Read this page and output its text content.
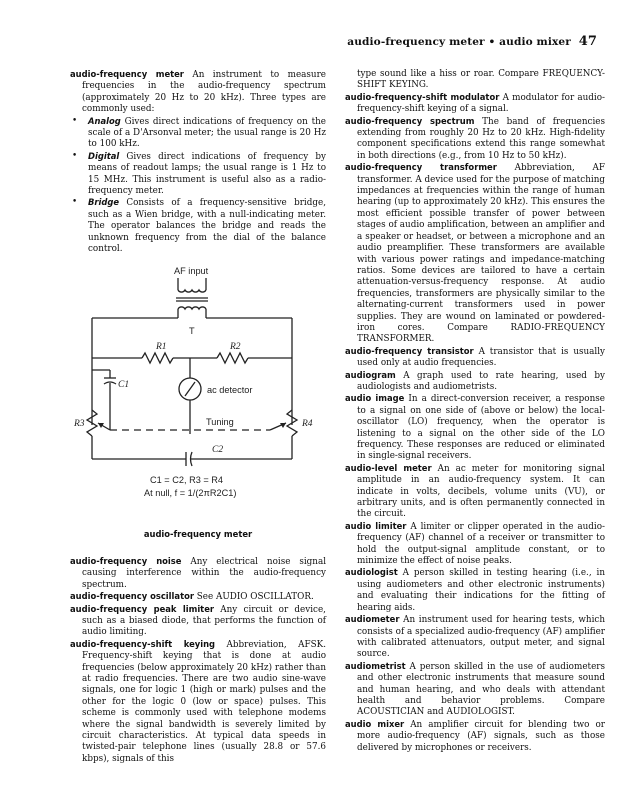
audio-frequency meter • audio mixer 47

audio-frequency meter An instrument to measure frequencies in the audio-frequency spectrum (approximately 20 Hz to 20 kHz). Three types are commonly used:

• Analog Gives direct indications of frequency on the scale of a D'Arsonval meter; the usual range is 20 Hz to 100 kHz.

• Digital Gives direct indications of frequency by means of readout lamps; the usual range is 1 Hz to 15 MHz. This instrument is useful also as a radio-frequency meter.

• Bridge Consists of a frequency-sensitive bridge, such as a Wien bridge, with a null-indicating meter. The operator balances the bridge and reads the unknown frequency from the dial of the balance control.

AF input
T
R1	R2
ac detector
C1
R3	R4
Tuning
C2
C1 = C2, R3 = R4
At null, f = 1/(2πR2C1)
audio-frequency meter

audio-frequency noise Any electrical noise signal causing interference within the audio-frequency spectrum.

audio-frequency oscillator See AUDIO OSCILLATOR.

audio-frequency peak limiter Any circuit or device, such as a biased diode, that performs the function of audio limiting.

audio-frequency-shift keying Abbreviation, AFSK. Frequency-shift keying that is done at audio frequencies (below approximately 20 kHz) rather than at radio frequencies. There are two audio sine-wave signals, one for logic 1 (high or mark) pulses and the other for the logic 0 (low or space) pulses. This scheme is commonly used with telephone modems where the signal bandwidth is severely limited by circuit characteristics. At typical data speeds in twisted-pair telephone lines (usually 28.8 or 57.6 kbps), signals of this

type sound like a hiss or roar. Compare FREQUENCY-SHIFT KEYING.

audio-frequency-shift modulator A modulator for audio-frequency-shift keying of a signal.

audio-frequency spectrum The band of frequencies extending from roughly 20 Hz to 20 kHz. High-fidelity component specifications extend this range somewhat in both directions (e.g., from 10 Hz to 50 kHz).

audio-frequency transformer Abbreviation, AF transformer. A device used for the purpose of matching impedances at frequencies within the range of human hearing (up to approximately 20 kHz). This ensures the most efficient possible transfer of power between stages of audio amplification, between an amplifier and a speaker or headset, or between a microphone and an audio preamplifier. These transformers are available with various power ratings and impedance-matching ratios. Some devices are tailored to have a certain attenuation-versus-frequency response. At audio frequencies, transformers are physically similar to the alternating-current transformers used in power supplies. They are wound on laminated or powdered-iron cores. Compare RADIO-FREQUENCY TRANSFORMER.

audio-frequency transistor A transistor that is usually used only at audio frequencies.

audiogram A graph used to rate hearing, used by audiologists and audiometrists.

audio image In a direct-conversion receiver, a response to a signal on one side of (above or below) the local-oscillator (LO) frequency, when the operator is listening to a signal on the other side of the LO frequency. These responses are reduced or eliminated in single-signal receivers.

audio-level meter An ac meter for monitoring signal amplitude in an audio-frequency system. It can indicate in volts, decibels, volume units (VU), or arbitrary units, and is often permanently connected in the circuit.

audio limiter A limiter or clipper operated in the audio-frequency (AF) channel of a receiver or transmitter to hold the output-signal amplitude constant, or to minimize the effect of noise peaks.

audiologist A person skilled in testing hearing (i.e., in using audiometers and other electronic instruments) and evaluating their indications for the fitting of hearing aids.

audiometer An instrument used for hearing tests, which consists of a specialized audio-frequency (AF) amplifier with calibrated attenuators, output meter, and signal source.

audiometrist A person skilled in the use of audiometers and other electronic instruments that measure sound and human hearing, and who deals with attendant health and behavior problems. Compare ACOUSTICIAN and AUDIOLOGIST.

audio mixer An amplifier circuit for blending two or more audio-frequency (AF) signals, such as those delivered by microphones or receivers.
